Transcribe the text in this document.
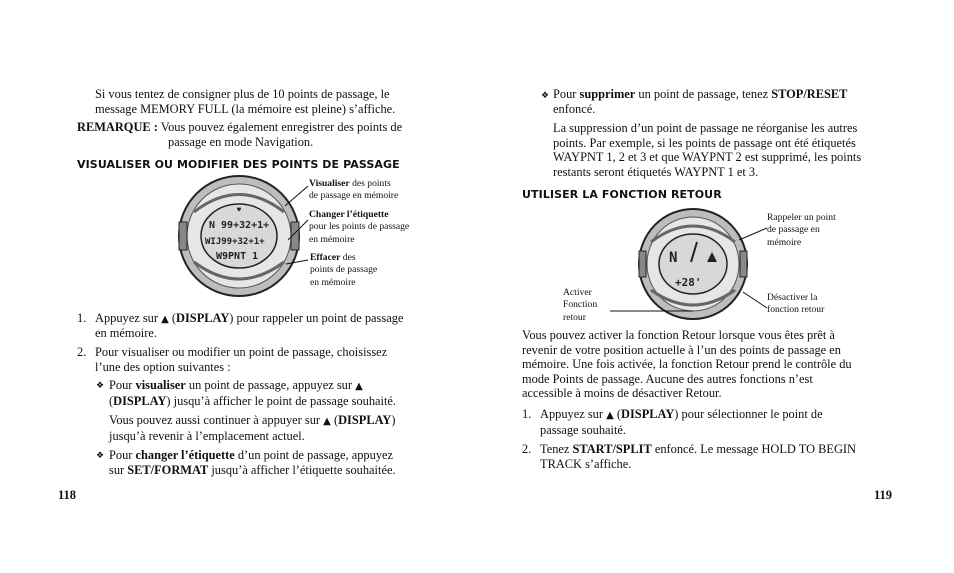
Si vous tentez de consigner plus de 10 points de passage, le

message MEMORY FULL (la mémoire est pleine) s’affiche.

REMARQUE : Vous pouvez également enregistrer des points de

passage en mode Navigation.

VISUALISER OU MODIFIER DES POINTS DE PASSAGE

♥
N 99+32+1+
WIJ99+32+1+
W9PNT 1
Visualiser des points
de passage en mémoire
Changer l’étiquette
pour les points de passage
en mémoire
Effacer des
points de passage
en mémoire

1. Appuyez sur ▲ (DISPLAY) pour rappeler un point de passage

en mémoire.

2. Pour visualiser ou modifier un point de passage, choisissez

l’une des option suivantes :

❖ Pour visualiser un point de passage, appuyez sur ▲

(DISPLAY) jusqu’à afficher le point de passage souhaité.

Vous pouvez aussi continuer à appuyer sur ▲ (DISPLAY)

jusqu’à revenir à l’emplacement actuel.

❖ Pour changer l’étiquette d’un point de passage, appuyez

sur SET/FORMAT jusqu’à afficher l’étiquette souhaitée.

118
❖ Pour supprimer un point de passage, tenez STOP/RESET

enfoncé.

La suppression d’un point de passage ne réorganise les autres

points. Par exemple, si les points de passage ont été étiquetés

WAYPNT 1, 2 et 3 et que WAYPNT 2 est supprimé, les points

restants seront étiquetés WAYPNT 1 et 3.

UTILISER LA FONCTION RETOUR

N
+28'
Rappeler un point
de passage en
mémoire
Activer
Fonction
retour
Désactiver la
fonction retour

Vous pouvez activer la fonction Retour lorsque vous êtes prêt à

revenir de votre position actuelle à l’un des points de passage en

mémoire. Une fois activée, la fonction Retour prend le contrôle du

mode Points de passage. Aucune des autres fonctions n’est

accessible à moins de désactiver Retour.

1. Appuyez sur ▲ (DISPLAY) pour sélectionner le point de

passage souhaité.

2. Tenez START/SPLIT enfoncé. Le message HOLD TO BEGIN

TRACK s’affiche.

119
